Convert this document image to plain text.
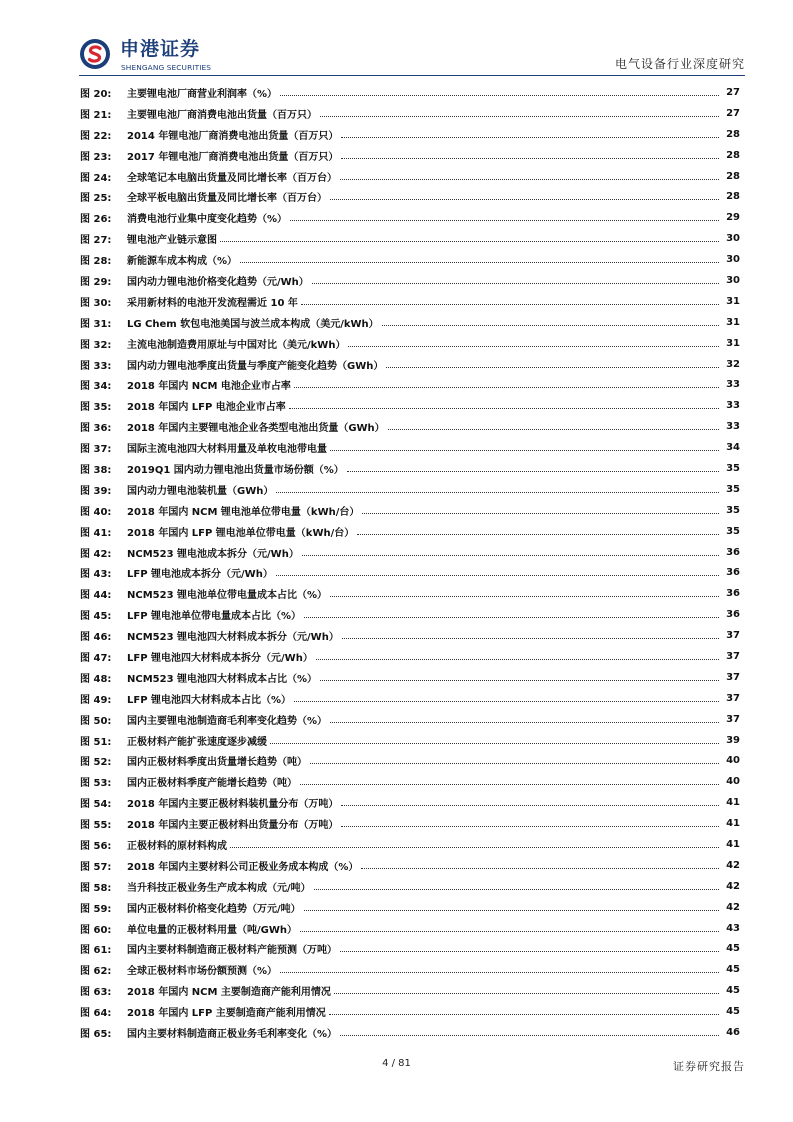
申港证券
SHENGANG SECURITIES	电气设备行业深度研究
图 20:	主要锂电池厂商营业利润率（%）	27
图 21:	主要锂电池厂商消费电池出货量（百万只）	27
图 22:	2014 年锂电池厂商消费电池出货量（百万只）	28
图 23:	2017 年锂电池厂商消费电池出货量（百万只）	28
图 24:	全球笔记本电脑出货量及同比增长率（百万台）	28
图 25:	全球平板电脑出货量及同比增长率（百万台）	28
图 26:	消费电池行业集中度变化趋势（%）	29
图 27:	锂电池产业链示意图	30
图 28:	新能源车成本构成（%）	30
图 29:	国内动力锂电池价格变化趋势（元/Wh）	30
图 30:	采用新材料的电池开发流程需近 10 年	31
图 31:	LG Chem 软包电池美国与波兰成本构成（美元/kWh）	31
图 32:	主流电池制造费用原址与中国对比（美元/kWh）	31
图 33:	国内动力锂电池季度出货量与季度产能变化趋势（GWh）	32
图 34:	2018 年国内 NCM 电池企业市占率	33
图 35:	2018 年国内 LFP 电池企业市占率	33
图 36:	2018 年国内主要锂电池企业各类型电池出货量（GWh）	33
图 37:	国际主流电池四大材料用量及单枚电池带电量	34
图 38:	2019Q1 国内动力锂电池出货量市场份额（%）	35
图 39:	国内动力锂电池装机量（GWh）	35
图 40:	2018 年国内 NCM 锂电池单位带电量（kWh/台）	35
图 41:	2018 年国内 LFP 锂电池单位带电量（kWh/台）	35
图 42:	NCM523 锂电池成本拆分（元/Wh）	36
图 43:	LFP 锂电池成本拆分（元/Wh）	36
图 44:	NCM523 锂电池单位带电量成本占比（%）	36
图 45:	LFP 锂电池单位带电量成本占比（%）	36
图 46:	NCM523 锂电池四大材料成本拆分（元/Wh）	37
图 47:	LFP 锂电池四大材料成本拆分（元/Wh）	37
图 48:	NCM523 锂电池四大材料成本占比（%）	37
图 49:	LFP 锂电池四大材料成本占比（%）	37
图 50:	国内主要锂电池制造商毛利率变化趋势（%）	37
图 51:	正极材料产能扩张速度逐步减缓	39
图 52:	国内正极材料季度出货量增长趋势（吨）	40
图 53:	国内正极材料季度产能增长趋势（吨）	40
图 54:	2018 年国内主要正极材料装机量分布（万吨）	41
图 55:	2018 年国内主要正极材料出货量分布（万吨）	41
图 56:	正极材料的原材料构成	41
图 57:	2018 年国内主要材料公司正极业务成本构成（%）	42
图 58:	当升科技正极业务生产成本构成（元/吨）	42
图 59:	国内正极材料价格变化趋势（万元/吨）	42
图 60:	单位电量的正极材料用量（吨/GWh）	43
图 61:	国内主要材料制造商正极材料产能预测（万吨）	45
图 62:	全球正极材料市场份额预测（%）	45
图 63:	2018 年国内 NCM 主要制造商产能利用情况	45
图 64:	2018 年国内 LFP 主要制造商产能利用情况	45
图 65:	国内主要材料制造商正极业务毛利率变化（%）	46
4 / 81	证券研究报告
